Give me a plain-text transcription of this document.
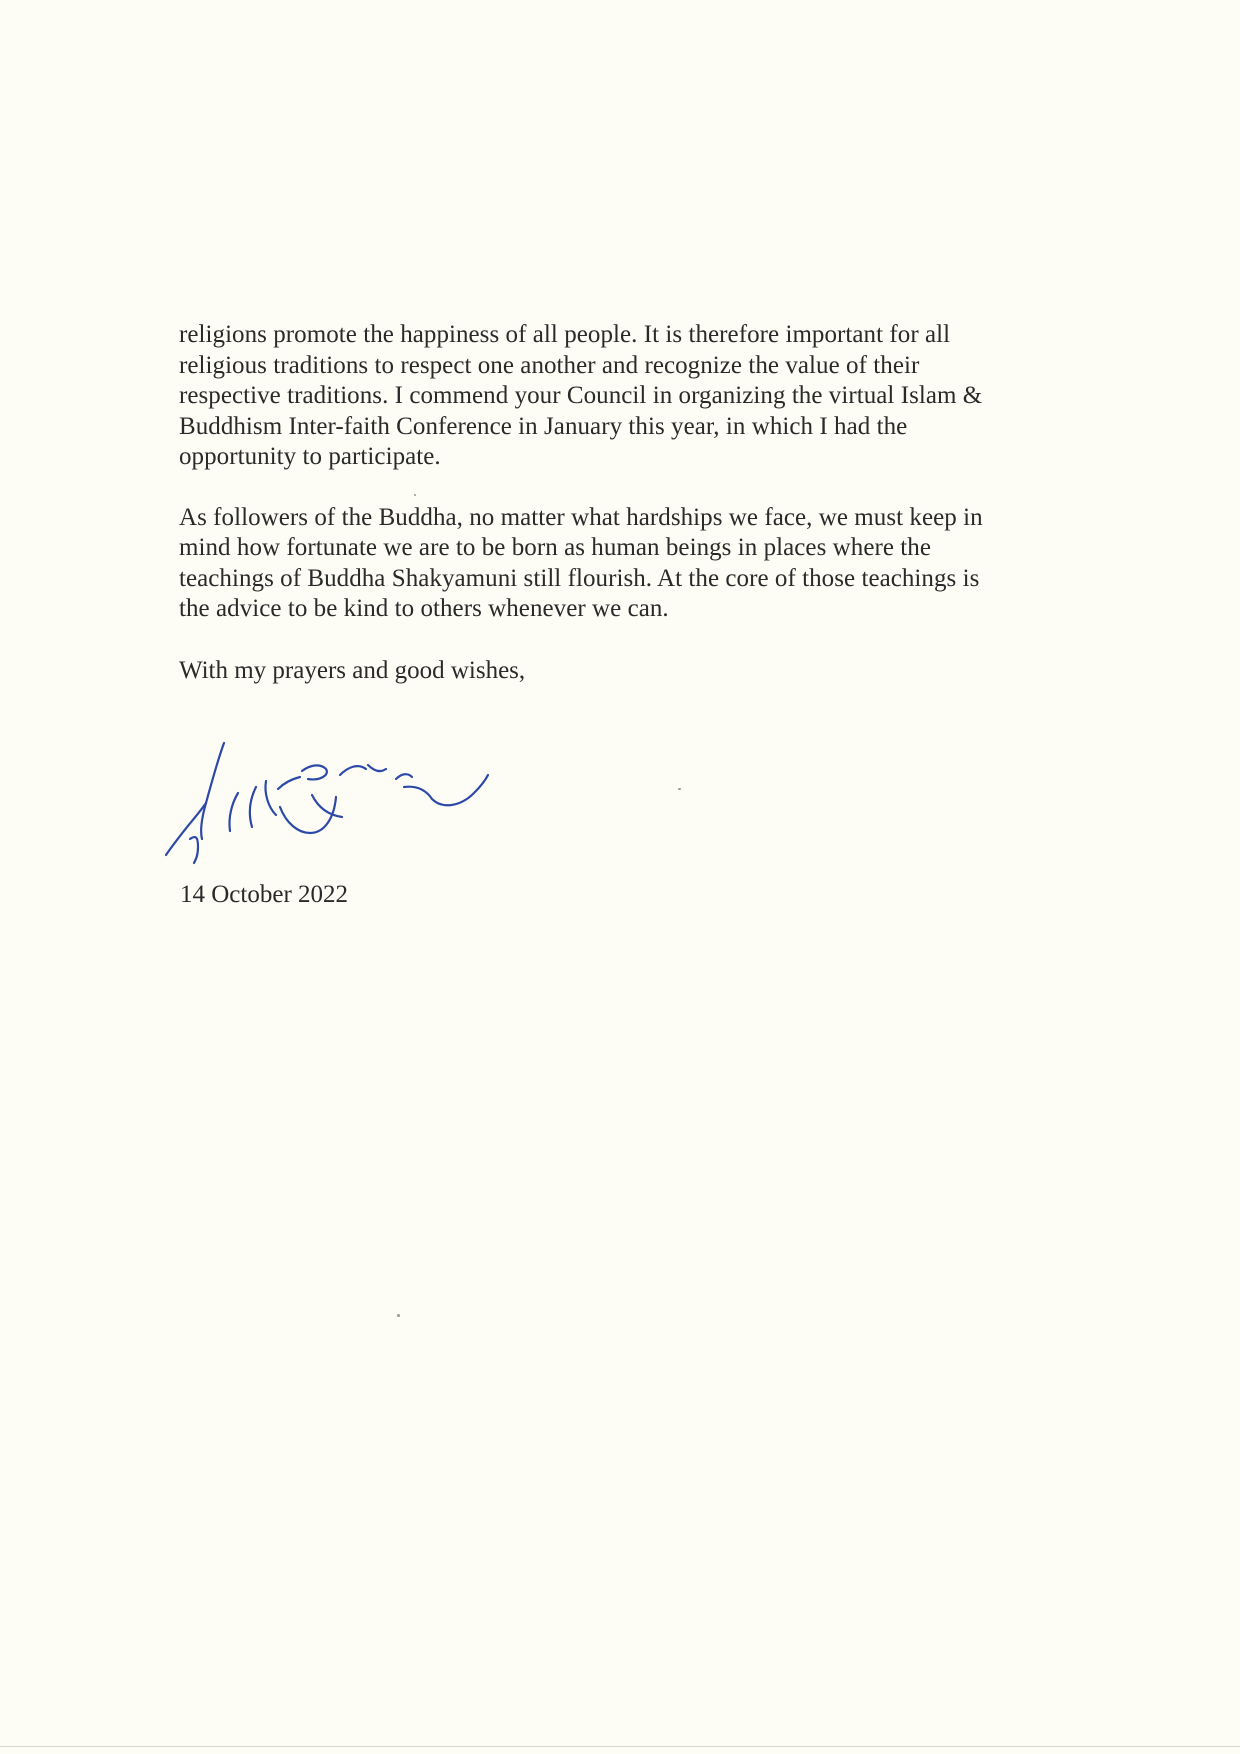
religions promote the happiness of all people. It is therefore important for all
religious traditions to respect one another and recognize the value of their
respective traditions. I commend your Council in organizing the virtual Islam &
Buddhism Inter-faith Conference in January this year, in which I had the
opportunity to participate.

As followers of the Buddha, no matter what hardships we face, we must keep in
mind how fortunate we are to be born as human beings in places where the
teachings of Buddha Shakyamuni still flourish. At the core of those teachings is
the advice to be kind to others whenever we can.

With my prayers and good wishes,

14 October 2022
